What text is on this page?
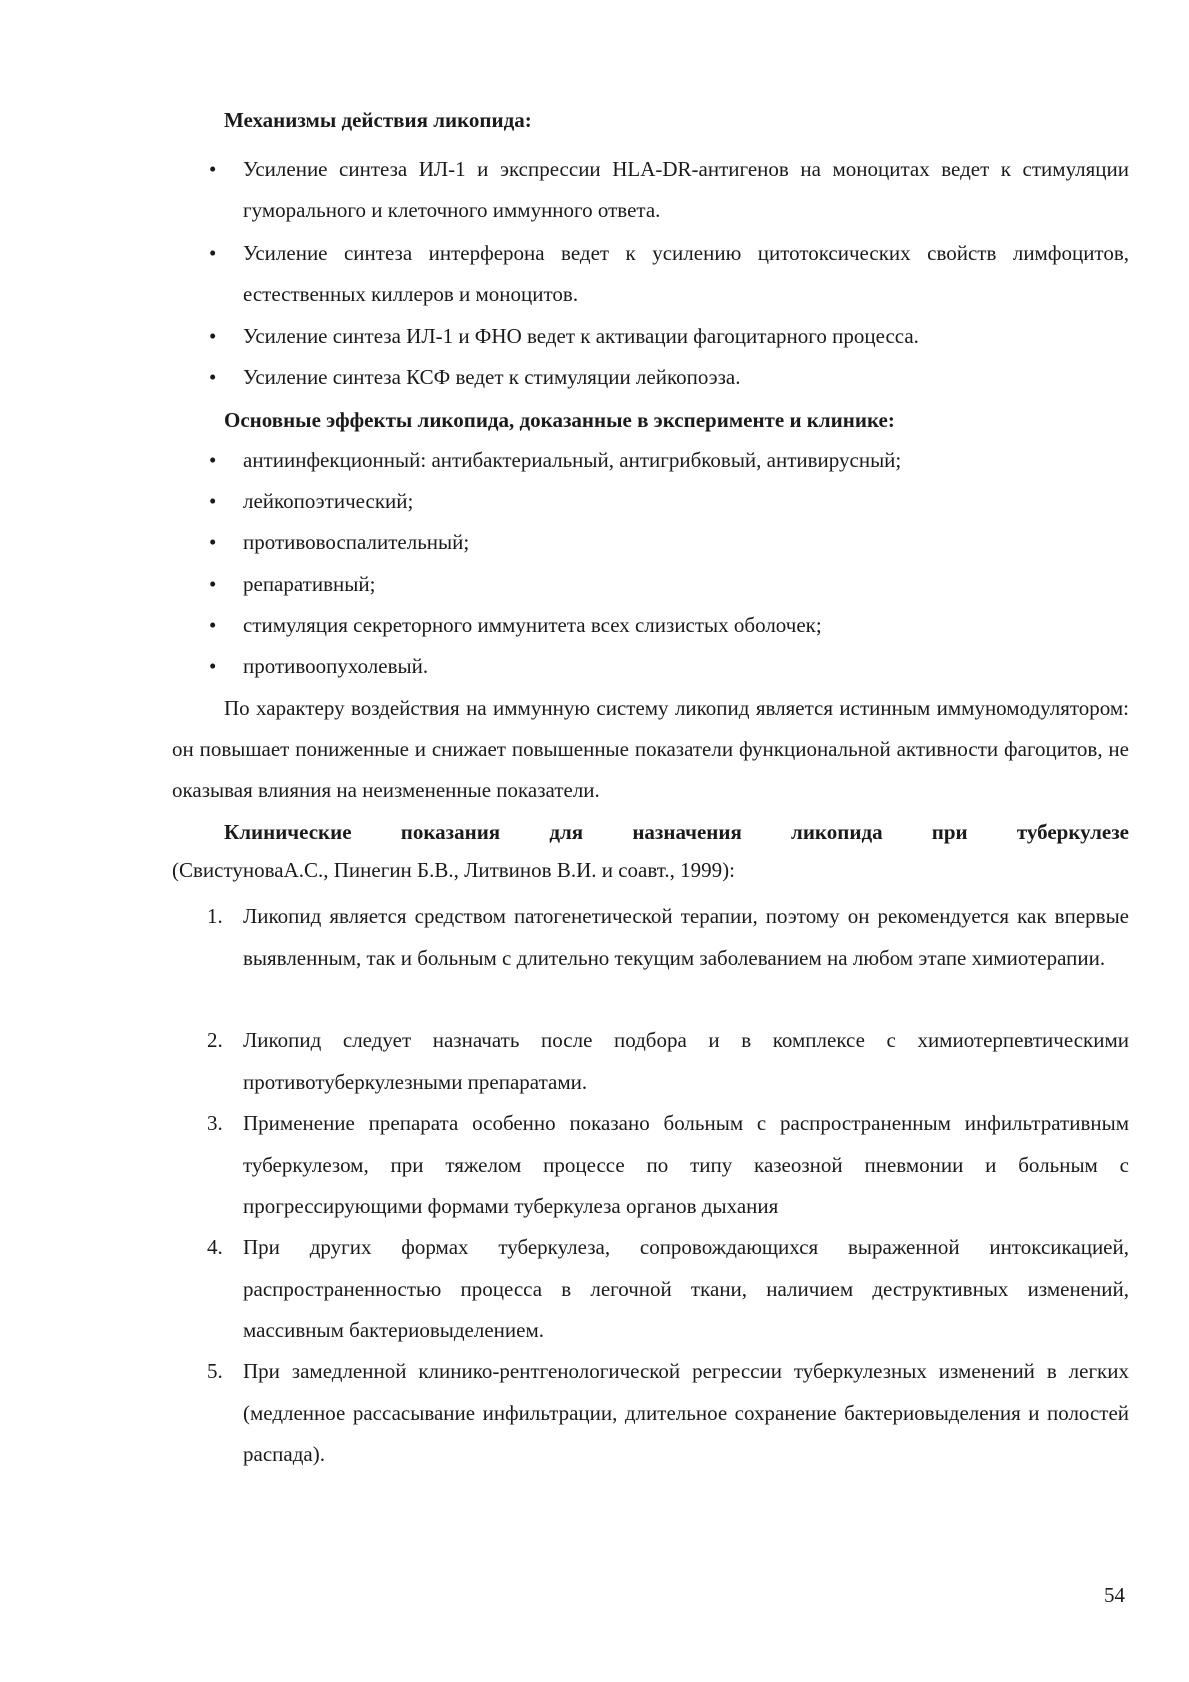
Механизмы действия ликопида:
•	Усиление синтеза ИЛ-1 и экспрессии HLA-DR-антигенов на моноцитах ведет к стимуляции гуморального и клеточного иммунного ответа.
•	Усиление синтеза интерферона ведет к усилению цитотоксических свойств лимфоцитов, естественных киллеров и моноцитов.
•	Усиление синтеза ИЛ-1 и ФНО ведет к активации фагоцитарного процесса.
•	Усиление синтеза КСФ ведет к стимуляции лейкопоэза.
Основные эффекты ликопида, доказанные в эксперименте и клинике:
•	антиинфекционный: антибактериальный, антигрибковый, антивирусный;
•	лейкопоэтический;
•	противовоспалительный;
•	репаративный;
•	стимуляция секреторного иммунитета всех слизистых оболочек;
•	противоопухолевый.
По характеру воздействия на иммунную систему ликопид является истинным иммуномодулятором: он повышает пониженные и снижает повышенные показатели функциональной активности фагоцитов, не оказывая влияния на неизмененные показатели.
Клинические показания для назначения ликопида при туберкулезе
(СвистуноваА.С., Пинегин Б.В., Литвинов В.И. и соавт., 1999):
1. Ликопид является средством патогенетической терапии, поэтому он рекомендуется как впервые выявленным, так и больным с длительно текущим заболеванием на любом этапе химиотерапии.
2. Ликопид следует назначать после подбора и в комплексе с химиотерпевтическими противотуберкулезными препаратами.
3. Применение препарата особенно показано больным с распространенным инфильтративным туберкулезом, при тяжелом процессе по типу казеозной пневмонии и больным с прогрессирующими формами туберкулеза органов дыхания
4. При других формах туберкулеза, сопровождающихся выраженной интоксикацией, распространенностью процесса в легочной ткани, наличием деструктивных изменений, массивным бактериовыделением.
5. При замедленной клинико-рентгенологической регрессии туберкулезных изменений в легких (медленное рассасывание инфильтрации, длительное сохранение бактериовыделения и полостей распада).
54
